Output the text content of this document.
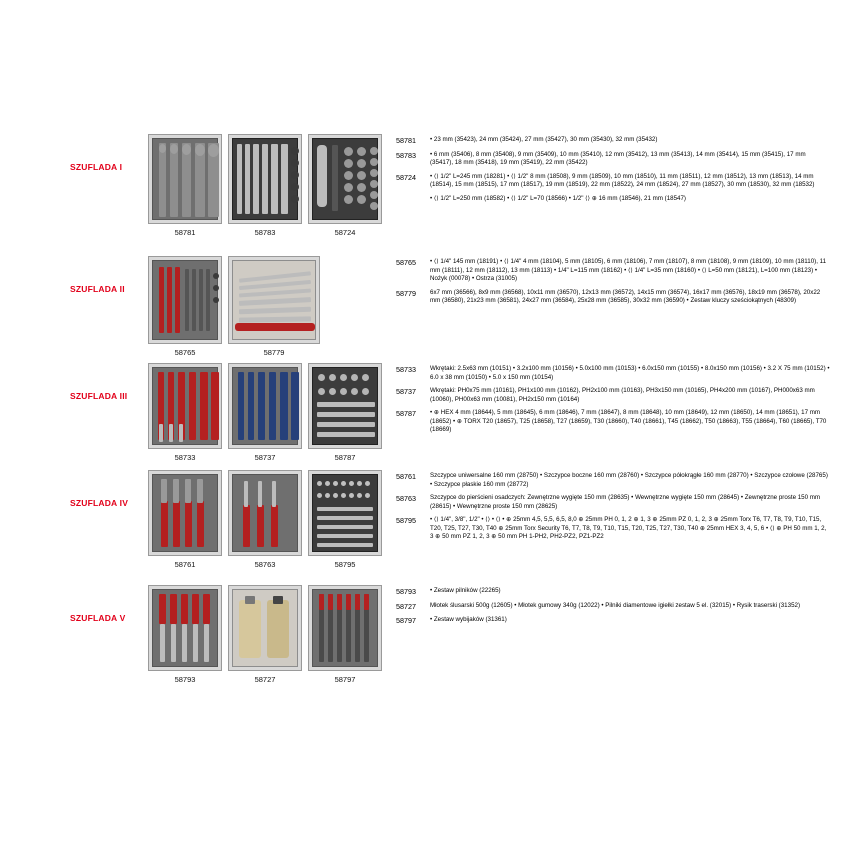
SZUFLADA I
58781	58783	58724
58781	• 23 mm (35423), 24 mm (35424), 27 mm (35427), 30 mm (35430), 32 mm (35432)
58783	• 6 mm (35406), 8 mm (35408), 9 mm (35409), 10 mm (35410), 12 mm (35412), 13 mm (35413), 14 mm (35414), 15 mm (35415), 17 mm (35417), 18 mm (35418), 19 mm (35419), 22 mm (35422)
58724	• ⟨⟩ 1/2" L=245 mm (18281) • ⟨⟩ 1/2" 8 mm (18508), 9 mm (18509), 10 mm (18510), 11 mm (18511), 12 mm (18512), 13 mm (18513), 14 mm (18514), 15 mm (18515), 17 mm (18517), 19 mm (18519), 22 mm (18522), 24 mm (18524), 27 mm (18527), 30 mm (18530), 32 mm (18532)
• ⟨⟩ 1/2" L=250 mm (18582) • ⟨⟩ 1/2" L=70 (18566) • 1/2" ⟨⟩ ⊕ 16 mm (18546), 21 mm (18547)
SZUFLADA II
58765	58779
58765	• ⟨⟩ 1/4" 145 mm (18191) • ⟨⟩ 1/4" 4 mm (18104), 5 mm (18105), 6 mm (18106), 7 mm (18107), 8 mm (18108), 9 mm (18109), 10 mm (18110), 11 mm (18111), 12 mm (18112), 13 mm (18113) • 1/4" L=115 mm (18162) • ⟨⟩ 1/4" L=35 mm (18160) • ⟨⟩ L=50 mm (18121), L=100 mm (18123) • Nożyk (00078) • Ostrza (31005)
58779	6x7 mm (36566), 8x9 mm (36568), 10x11 mm (36570), 12x13 mm (36572), 14x15 mm (36574), 16x17 mm (36576), 18x19 mm (36578), 20x22 mm (36580), 21x23 mm (36581), 24x27 mm (36584), 25x28 mm (36585), 30x32 mm (36590) • Zestaw kluczy sześciokątnych (48309)
SZUFLADA III
58733	58737	58787
58733	Wkrętaki: 2.5x63 mm (10151) • 3.2x100 mm (10156) • 5.0x100 mm (10153) • 6.0x150 mm (10155) • 8.0x150 mm (10156) • 3.2 X 75 mm (10152) • 6.0 x 38 mm (10150) • 5.0 x 150 mm (10154)
58737	Wkrętaki: PH0x75 mm (10161), PH1x100 mm (10162), PH2x100 mm (10163), PH3x150 mm (10165), PH4x200 mm (10167), PH000x63 mm (10060), PH00x63 mm (10081), PH2x150 mm (10164)
58787	• ⊕ HEX 4 mm (18644), 5 mm (18645), 6 mm (18646), 7 mm (18647), 8 mm (18648), 10 mm (18649), 12 mm (18650), 14 mm (18651), 17 mm (18652) • ⊕ TORX T20 (18657), T25 (18658), T27 (18659), T30 (18660), T40 (18661), T45 (18662), T50 (18663), T55 (18664), T60 (18665), T70 (18669)
SZUFLADA IV
58761	58763	58795
58761	Szczypce uniwersalne 160 mm (28750) • Szczypce boczne 160 mm (28760) • Szczypce półokrągłe 160 mm (28770) • Szczypce czołowe (28765) • Szczypce płaskie 160 mm (28772)
58763	Szczypce do pierścieni osadczych: Zewnętrzne wygięte 150 mm (28635) • Wewnętrzne wygięte 150 mm (28645) • Zewnętrzne proste 150 mm (28615) • Wewnętrzne proste 150 mm (28625)
58795	• ⟨⟩ 1/4", 3/8", 1/2" • ⟨⟩ • ⟨⟩ • ⊕ 25mm 4,5, 5,5, 6,5, 8,0 ⊕ 25mm PH 0, 1, 2 ⊕ 1, 3 ⊕ 25mm PZ 0, 1, 2, 3 ⊕ 25mm Torx T6, T7, T8, T9, T10, T15, T20, T25, T27, T30, T40 ⊕ 25mm Torx Security T6, T7, T8, T9, T10, T15, T20, T25, T27, T30, T40 ⊕ 25mm HEX 3, 4, 5, 6 • ⟨⟩ ⊕ PH 50 mm 1, 2, 3 ⊕ 50 mm PZ 1, 2, 3 ⊕ 50 mm PH 1-PH2, PH2-PZ2, PZ1-PZ2
SZUFLADA V
58793	58727	58797
58793	• Zestaw pilników (22265)
58727	Młotek ślusarski 500g (12605) • Młotek gumowy 340g (12022) • Pilniki diamentowe igiełki zestaw 5 el. (32015) • Rysik traserski (31352)
58797	• Zestaw wybijaków (31361)
